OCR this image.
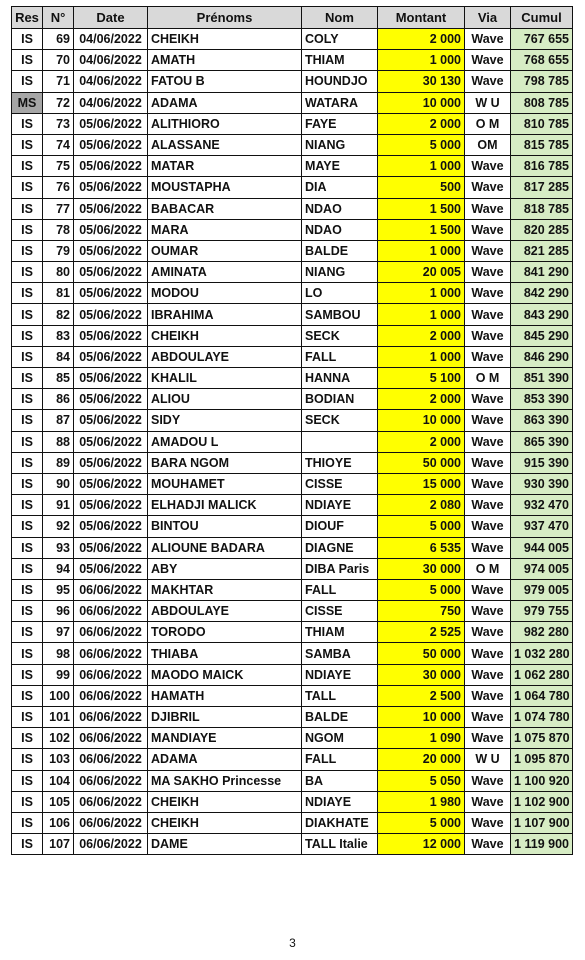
Res	N°	Date	Prénoms	Nom	Montant	Via	Cumul
IS	69	04/06/2022	CHEIKH	COLY	2 000	Wave	767 655
IS	70	04/06/2022	AMATH	THIAM	1 000	Wave	768 655
IS	71	04/06/2022	FATOU B	HOUNDJO	30 130	Wave	798 785
MS	72	04/06/2022	ADAMA	WATARA	10 000	W U	808 785
IS	73	05/06/2022	ALITHIORO	FAYE	2 000	O M	810 785
IS	74	05/06/2022	ALASSANE	NIANG	5 000	OM	815 785
IS	75	05/06/2022	MATAR	MAYE	1 000	Wave	816 785
IS	76	05/06/2022	MOUSTAPHA	DIA	500	Wave	817 285
IS	77	05/06/2022	BABACAR	NDAO	1 500	Wave	818 785
IS	78	05/06/2022	MARA	NDAO	1 500	Wave	820 285
IS	79	05/06/2022	OUMAR	BALDE	1 000	Wave	821 285
IS	80	05/06/2022	AMINATA	NIANG	20 005	Wave	841 290
IS	81	05/06/2022	MODOU	LO	1 000	Wave	842 290
IS	82	05/06/2022	IBRAHIMA	SAMBOU	1 000	Wave	843 290
IS	83	05/06/2022	CHEIKH	SECK	2 000	Wave	845 290
IS	84	05/06/2022	ABDOULAYE	FALL	1 000	Wave	846 290
IS	85	05/06/2022	KHALIL	HANNA	5 100	O M	851 390
IS	86	05/06/2022	ALIOU	BODIAN	2 000	Wave	853 390
IS	87	05/06/2022	SIDY	SECK	10 000	Wave	863 390
IS	88	05/06/2022	AMADOU L		2 000	Wave	865 390
IS	89	05/06/2022	BARA NGOM	THIOYE	50 000	Wave	915 390
IS	90	05/06/2022	MOUHAMET	CISSE	15 000	Wave	930 390
IS	91	05/06/2022	ELHADJI MALICK	NDIAYE	2 080	Wave	932 470
IS	92	05/06/2022	BINTOU	DIOUF	5 000	Wave	937 470
IS	93	05/06/2022	ALIOUNE BADARA	DIAGNE	6 535	Wave	944 005
IS	94	05/06/2022	ABY	DIBA Paris	30 000	O M	974 005
IS	95	06/06/2022	MAKHTAR	FALL	5 000	Wave	979 005
IS	96	06/06/2022	ABDOULAYE	CISSE	750	Wave	979 755
IS	97	06/06/2022	TORODO	THIAM	2 525	Wave	982 280
IS	98	06/06/2022	THIABA	SAMBA	50 000	Wave	1 032 280
IS	99	06/06/2022	MAODO MAICK	NDIAYE	30 000	Wave	1 062 280
IS	100	06/06/2022	HAMATH	TALL	2 500	Wave	1 064 780
IS	101	06/06/2022	DJIBRIL	BALDE	10 000	Wave	1 074 780
IS	102	06/06/2022	MANDIAYE	NGOM	1 090	Wave	1 075 870
IS	103	06/06/2022	ADAMA	FALL	20 000	W U	1 095 870
IS	104	06/06/2022	MA SAKHO Princesse	BA	5 050	Wave	1 100 920
IS	105	06/06/2022	CHEIKH	NDIAYE	1 980	Wave	1 102 900
IS	106	06/06/2022	CHEIKH	DIAKHATE	5 000	Wave	1 107 900
IS	107	06/06/2022	DAME	TALL Italie	12 000	Wave	1 119 900
3
